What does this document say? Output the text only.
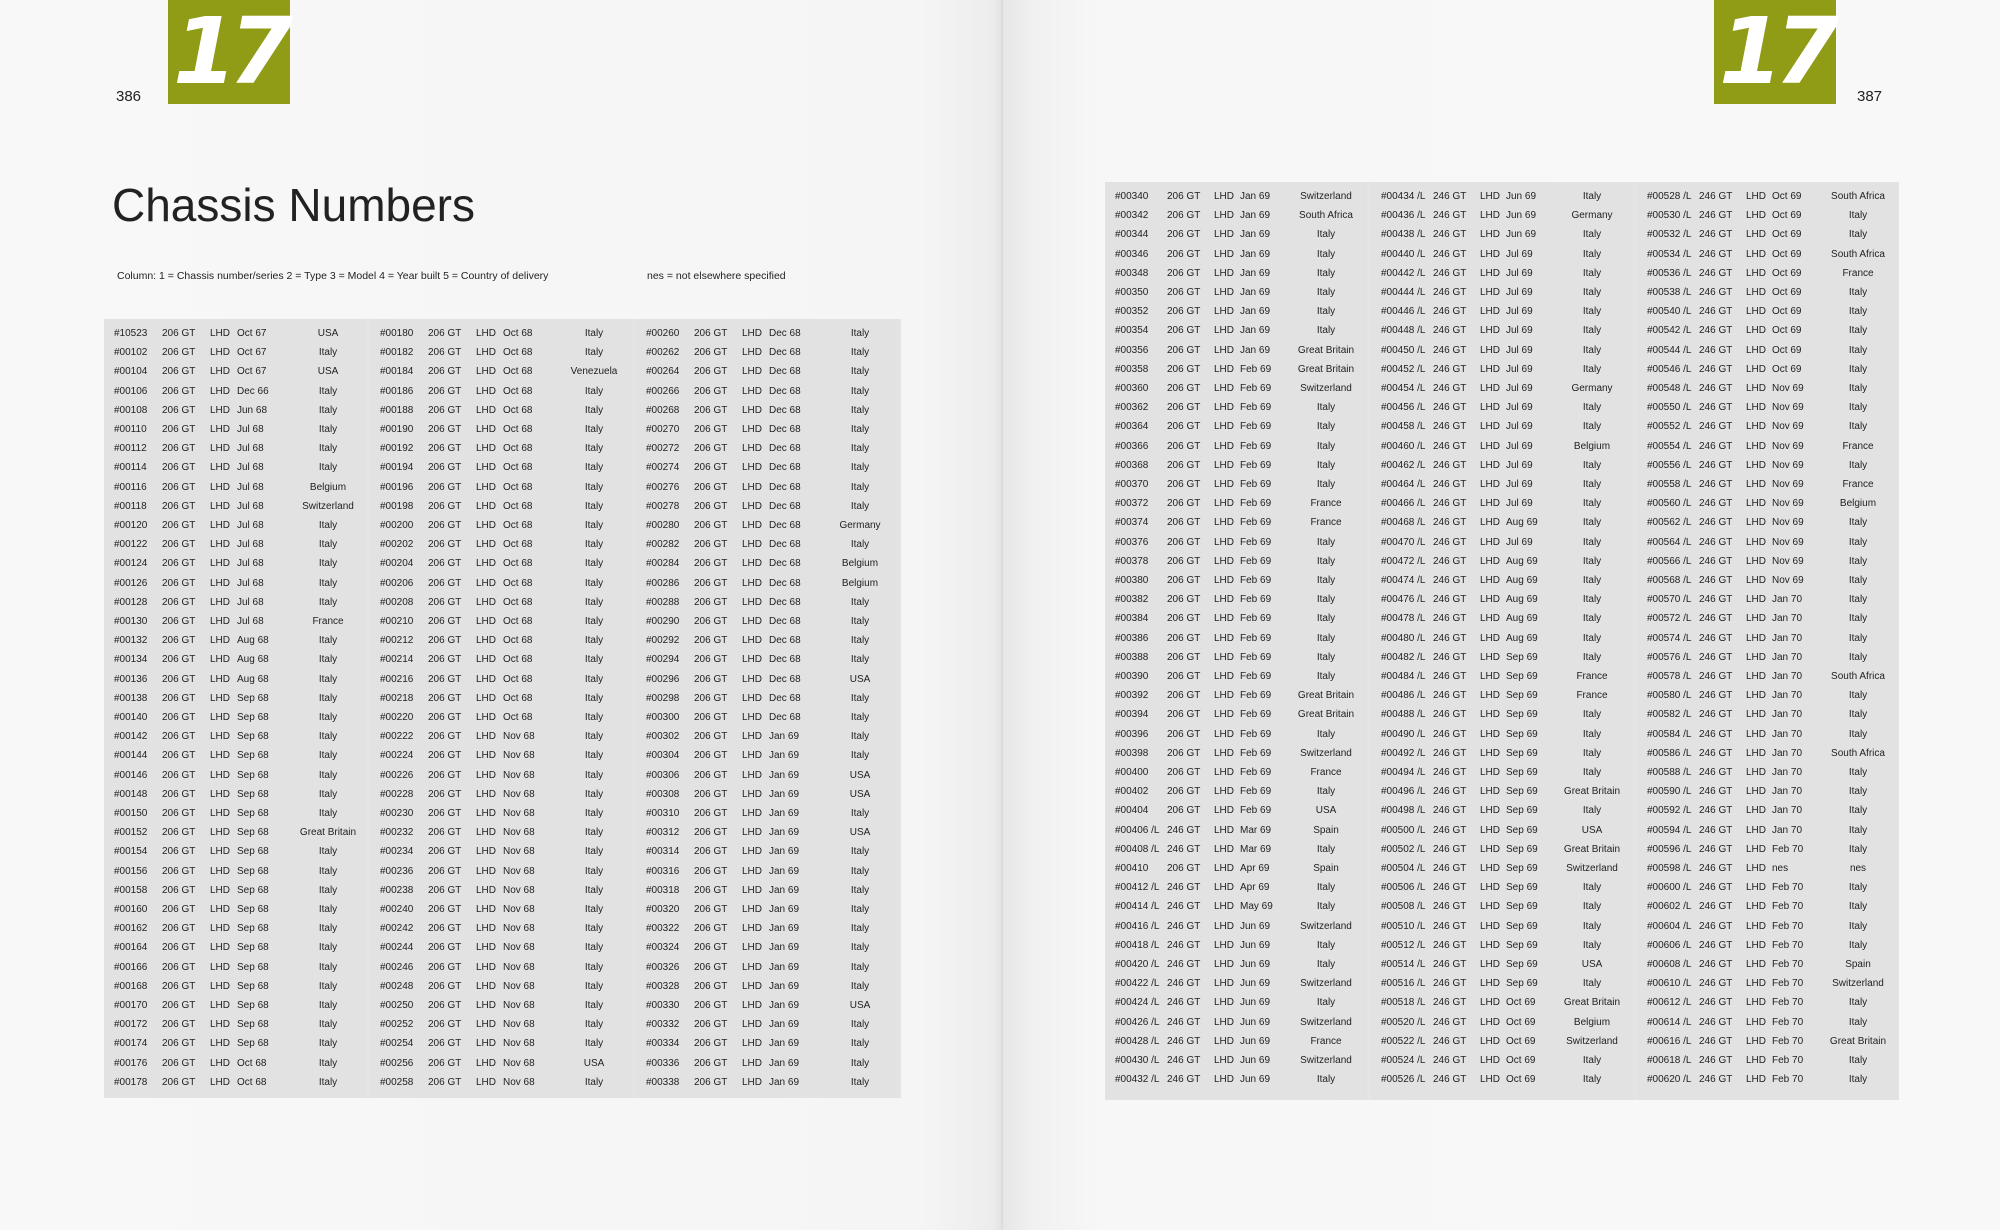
386 17
Chassis Numbers
Column: 1 = Chassis number/series 2 = Type 3 = Model 4 = Year built 5 = Country of delivery	nes = not elsewhere specified
#10523 206 GT LHD Oct 67	USA
#00102 206 GT LHD Oct 67	Italy
#00104 206 GT LHD Oct 67	USA
#00106 206 GT LHD Dec 66	Italy
#00108 206 GT LHD Jun 68	Italy
#00110 206 GT LHD Jul 68	Italy
#00112 206 GT LHD Jul 68	Italy
#00114 206 GT LHD Jul 68	Italy
#00116 206 GT LHD Jul 68	Belgium
#00118 206 GT LHD Jul 68	Switzerland
#00120 206 GT LHD Jul 68	Italy
#00122 206 GT LHD Jul 68	Italy
#00124 206 GT LHD Jul 68	Italy
#00126 206 GT LHD Jul 68	Italy
#00128 206 GT LHD Jul 68	Italy
#00130 206 GT LHD Jul 68	France
#00132 206 GT LHD Aug 68	Italy
#00134 206 GT LHD Aug 68	Italy
#00136 206 GT LHD Aug 68	Italy
#00138 206 GT LHD Sep 68	Italy
#00140 206 GT LHD Sep 68	Italy
#00142 206 GT LHD Sep 68	Italy
#00144 206 GT LHD Sep 68	Italy
#00146 206 GT LHD Sep 68	Italy
#00148 206 GT LHD Sep 68	Italy
#00150 206 GT LHD Sep 68	Italy
#00152 206 GT LHD Sep 68	Great Britain
#00154 206 GT LHD Sep 68	Italy
#00156 206 GT LHD Sep 68	Italy
#00158 206 GT LHD Sep 68	Italy
#00160 206 GT LHD Sep 68	Italy
#00162 206 GT LHD Sep 68	Italy
#00164 206 GT LHD Sep 68	Italy
#00166 206 GT LHD Sep 68	Italy
#00168 206 GT LHD Sep 68	Italy
#00170 206 GT LHD Sep 68	Italy
#00172 206 GT LHD Sep 68	Italy
#00174 206 GT LHD Sep 68	Italy
#00176 206 GT LHD Oct 68	Italy
#00178 206 GT LHD Oct 68	Italy
#00180 206 GT LHD Oct 68	Italy
#00182 206 GT LHD Oct 68	Italy
#00184 206 GT LHD Oct 68	Venezuela
#00186 206 GT LHD Oct 68	Italy
#00188 206 GT LHD Oct 68	Italy
#00190 206 GT LHD Oct 68	Italy
#00192 206 GT LHD Oct 68	Italy
#00194 206 GT LHD Oct 68	Italy
#00196 206 GT LHD Oct 68	Italy
#00198 206 GT LHD Oct 68	Italy
#00200 206 GT LHD Oct 68	Italy
#00202 206 GT LHD Oct 68	Italy
#00204 206 GT LHD Oct 68	Italy
#00206 206 GT LHD Oct 68	Italy
#00208 206 GT LHD Oct 68	Italy
#00210 206 GT LHD Oct 68	Italy
#00212 206 GT LHD Oct 68	Italy
#00214 206 GT LHD Oct 68	Italy
#00216 206 GT LHD Oct 68	Italy
#00218 206 GT LHD Oct 68	Italy
#00220 206 GT LHD Oct 68	Italy
#00222 206 GT LHD Nov 68	Italy
#00224 206 GT LHD Nov 68	Italy
#00226 206 GT LHD Nov 68	Italy
#00228 206 GT LHD Nov 68	Italy
#00230 206 GT LHD Nov 68	Italy
#00232 206 GT LHD Nov 68	Italy
#00234 206 GT LHD Nov 68	Italy
#00236 206 GT LHD Nov 68	Italy
#00238 206 GT LHD Nov 68	Italy
#00240 206 GT LHD Nov 68	Italy
#00242 206 GT LHD Nov 68	Italy
#00244 206 GT LHD Nov 68	Italy
#00246 206 GT LHD Nov 68	Italy
#00248 206 GT LHD Nov 68	Italy
#00250 206 GT LHD Nov 68	Italy
#00252 206 GT LHD Nov 68	Italy
#00254 206 GT LHD Nov 68	Italy
#00256 206 GT LHD Nov 68	USA
#00258 206 GT LHD Nov 68	Italy
#00260 206 GT LHD Dec 68	Italy
#00262 206 GT LHD Dec 68	Italy
#00264 206 GT LHD Dec 68	Italy
#00266 206 GT LHD Dec 68	Italy
#00268 206 GT LHD Dec 68	Italy
#00270 206 GT LHD Dec 68	Italy
#00272 206 GT LHD Dec 68	Italy
#00274 206 GT LHD Dec 68	Italy
#00276 206 GT LHD Dec 68	Italy
#00278 206 GT LHD Dec 68	Italy
#00280 206 GT LHD Dec 68	Germany
#00282 206 GT LHD Dec 68	Italy
#00284 206 GT LHD Dec 68	Belgium
#00286 206 GT LHD Dec 68	Belgium
#00288 206 GT LHD Dec 68	Italy
#00290 206 GT LHD Dec 68	Italy
#00292 206 GT LHD Dec 68	Italy
#00294 206 GT LHD Dec 68	Italy
#00296 206 GT LHD Dec 68	USA
#00298 206 GT LHD Dec 68	Italy
#00300 206 GT LHD Dec 68	Italy
#00302 206 GT LHD Jan 69	Italy
#00304 206 GT LHD Jan 69	Italy
#00306 206 GT LHD Jan 69	USA
#00308 206 GT LHD Jan 69	USA
#00310 206 GT LHD Jan 69	Italy
#00312 206 GT LHD Jan 69	USA
#00314 206 GT LHD Jan 69	Italy
#00316 206 GT LHD Jan 69	Italy
#00318 206 GT LHD Jan 69	Italy
#00320 206 GT LHD Jan 69	Italy
#00322 206 GT LHD Jan 69	Italy
#00324 206 GT LHD Jan 69	Italy
#00326 206 GT LHD Jan 69	Italy
#00328 206 GT LHD Jan 69	Italy
#00330 206 GT LHD Jan 69	USA
#00332 206 GT LHD Jan 69	Italy
#00334 206 GT LHD Jan 69	Italy
#00336 206 GT LHD Jan 69	Italy
#00338 206 GT LHD Jan 69	Italy
17	387
#00340 206 GT LHD Jan 69	Switzerland
#00342 206 GT LHD Jan 69	South Africa
#00344 206 GT LHD Jan 69	Italy
#00346 206 GT LHD Jan 69	Italy
#00348 206 GT LHD Jan 69	Italy
#00350 206 GT LHD Jan 69	Italy
#00352 206 GT LHD Jan 69	Italy
#00354 206 GT LHD Jan 69	Italy
#00356 206 GT LHD Jan 69	Great Britain
#00358 206 GT LHD Feb 69	Great Britain
#00360 206 GT LHD Feb 69	Switzerland
#00362 206 GT LHD Feb 69	Italy
#00364 206 GT LHD Feb 69	Italy
#00366 206 GT LHD Feb 69	Italy
#00368 206 GT LHD Feb 69	Italy
#00370 206 GT LHD Feb 69	Italy
#00372 206 GT LHD Feb 69	France
#00374 206 GT LHD Feb 69	France
#00376 206 GT LHD Feb 69	Italy
#00378 206 GT LHD Feb 69	Italy
#00380 206 GT LHD Feb 69	Italy
#00382 206 GT LHD Feb 69	Italy
#00384 206 GT LHD Feb 69	Italy
#00386 206 GT LHD Feb 69	Italy
#00388 206 GT LHD Feb 69	Italy
#00390 206 GT LHD Feb 69	Italy
#00392 206 GT LHD Feb 69	Great Britain
#00394 206 GT LHD Feb 69	Great Britain
#00396 206 GT LHD Feb 69	Italy
#00398 206 GT LHD Feb 69	Switzerland
#00400 206 GT LHD Feb 69	France
#00402 206 GT LHD Feb 69	Italy
#00404 206 GT LHD Feb 69	USA
#00406 /L 246 GT LHD Mar 69	Spain
#00408 /L 246 GT LHD Mar 69	Italy
#00410 206 GT LHD Apr 69	Spain
#00412 /L 246 GT LHD Apr 69	Italy
#00414 /L 246 GT LHD May 69	Italy
#00416 /L 246 GT LHD Jun 69	Switzerland
#00418 /L 246 GT LHD Jun 69	Italy
#00420 /L 246 GT LHD Jun 69	Italy
#00422 /L 246 GT LHD Jun 69	Switzerland
#00424 /L 246 GT LHD Jun 69	Italy
#00426 /L 246 GT LHD Jun 69	Switzerland
#00428 /L 246 GT LHD Jun 69	France
#00430 /L 246 GT LHD Jun 69	Switzerland
#00432 /L 246 GT LHD Jun 69	Italy
#00434 /L 246 GT LHD Jun 69	Italy
#00436 /L 246 GT LHD Jun 69	Germany
#00438 /L 246 GT LHD Jun 69	Italy
#00440 /L 246 GT LHD Jul 69	Italy
#00442 /L 246 GT LHD Jul 69	Italy
#00444 /L 246 GT LHD Jul 69	Italy
#00446 /L 246 GT LHD Jul 69	Italy
#00448 /L 246 GT LHD Jul 69	Italy
#00450 /L 246 GT LHD Jul 69	Italy
#00452 /L 246 GT LHD Jul 69	Italy
#00454 /L 246 GT LHD Jul 69	Germany
#00456 /L 246 GT LHD Jul 69	Italy
#00458 /L 246 GT LHD Jul 69	Italy
#00460 /L 246 GT LHD Jul 69	Belgium
#00462 /L 246 GT LHD Jul 69	Italy
#00464 /L 246 GT LHD Jul 69	Italy
#00466 /L 246 GT LHD Jul 69	Italy
#00468 /L 246 GT LHD Aug 69	Italy
#00470 /L 246 GT LHD Jul 69	Italy
#00472 /L 246 GT LHD Aug 69	Italy
#00474 /L 246 GT LHD Aug 69	Italy
#00476 /L 246 GT LHD Aug 69	Italy
#00478 /L 246 GT LHD Aug 69	Italy
#00480 /L 246 GT LHD Aug 69	Italy
#00482 /L 246 GT LHD Sep 69	Italy
#00484 /L 246 GT LHD Sep 69	France
#00486 /L 246 GT LHD Sep 69	France
#00488 /L 246 GT LHD Sep 69	Italy
#00490 /L 246 GT LHD Sep 69	Italy
#00492 /L 246 GT LHD Sep 69	Italy
#00494 /L 246 GT LHD Sep 69	Italy
#00496 /L 246 GT LHD Sep 69	Great Britain
#00498 /L 246 GT LHD Sep 69	Italy
#00500 /L 246 GT LHD Sep 69	USA
#00502 /L 246 GT LHD Sep 69	Great Britain
#00504 /L 246 GT LHD Sep 69	Switzerland
#00506 /L 246 GT LHD Sep 69	Italy
#00508 /L 246 GT LHD Sep 69	Italy
#00510 /L 246 GT LHD Sep 69	Italy
#00512 /L 246 GT LHD Sep 69	Italy
#00514 /L 246 GT LHD Sep 69	USA
#00516 /L 246 GT LHD Sep 69	Italy
#00518 /L 246 GT LHD Oct 69	Great Britain
#00520 /L 246 GT LHD Oct 69	Belgium
#00522 /L 246 GT LHD Oct 69	Switzerland
#00524 /L 246 GT LHD Oct 69	Italy
#00526 /L 246 GT LHD Oct 69	Italy
#00528 /L 246 GT LHD Oct 69	South Africa
#00530 /L 246 GT LHD Oct 69	Italy
#00532 /L 246 GT LHD Oct 69	Italy
#00534 /L 246 GT LHD Oct 69	South Africa
#00536 /L 246 GT LHD Oct 69	France
#00538 /L 246 GT LHD Oct 69	Italy
#00540 /L 246 GT LHD Oct 69	Italy
#00542 /L 246 GT LHD Oct 69	Italy
#00544 /L 246 GT LHD Oct 69	Italy
#00546 /L 246 GT LHD Oct 69	Italy
#00548 /L 246 GT LHD Nov 69	Italy
#00550 /L 246 GT LHD Nov 69	Italy
#00552 /L 246 GT LHD Nov 69	Italy
#00554 /L 246 GT LHD Nov 69	France
#00556 /L 246 GT LHD Nov 69	Italy
#00558 /L 246 GT LHD Nov 69	France
#00560 /L 246 GT LHD Nov 69	Belgium
#00562 /L 246 GT LHD Nov 69	Italy
#00564 /L 246 GT LHD Nov 69	Italy
#00566 /L 246 GT LHD Nov 69	Italy
#00568 /L 246 GT LHD Nov 69	Italy
#00570 /L 246 GT LHD Jan 70	Italy
#00572 /L 246 GT LHD Jan 70	Italy
#00574 /L 246 GT LHD Jan 70	Italy
#00576 /L 246 GT LHD Jan 70	Italy
#00578 /L 246 GT LHD Jan 70	South Africa
#00580 /L 246 GT LHD Jan 70	Italy
#00582 /L 246 GT LHD Jan 70	Italy
#00584 /L 246 GT LHD Jan 70	Italy
#00586 /L 246 GT LHD Jan 70	South Africa
#00588 /L 246 GT LHD Jan 70	Italy
#00590 /L 246 GT LHD Jan 70	Italy
#00592 /L 246 GT LHD Jan 70	Italy
#00594 /L 246 GT LHD Jan 70	Italy
#00596 /L 246 GT LHD Feb 70	Italy
#00598 /L 246 GT LHD nes	nes
#00600 /L 246 GT LHD Feb 70	Italy
#00602 /L 246 GT LHD Feb 70	Italy
#00604 /L 246 GT LHD Feb 70	Italy
#00606 /L 246 GT LHD Feb 70	Italy
#00608 /L 246 GT LHD Feb 70	Spain
#00610 /L 246 GT LHD Feb 70	Switzerland
#00612 /L 246 GT LHD Feb 70	Italy
#00614 /L 246 GT LHD Feb 70	Italy
#00616 /L 246 GT LHD Feb 70	Great Britain
#00618 /L 246 GT LHD Feb 70	Italy
#00620 /L 246 GT LHD Feb 70	Italy
